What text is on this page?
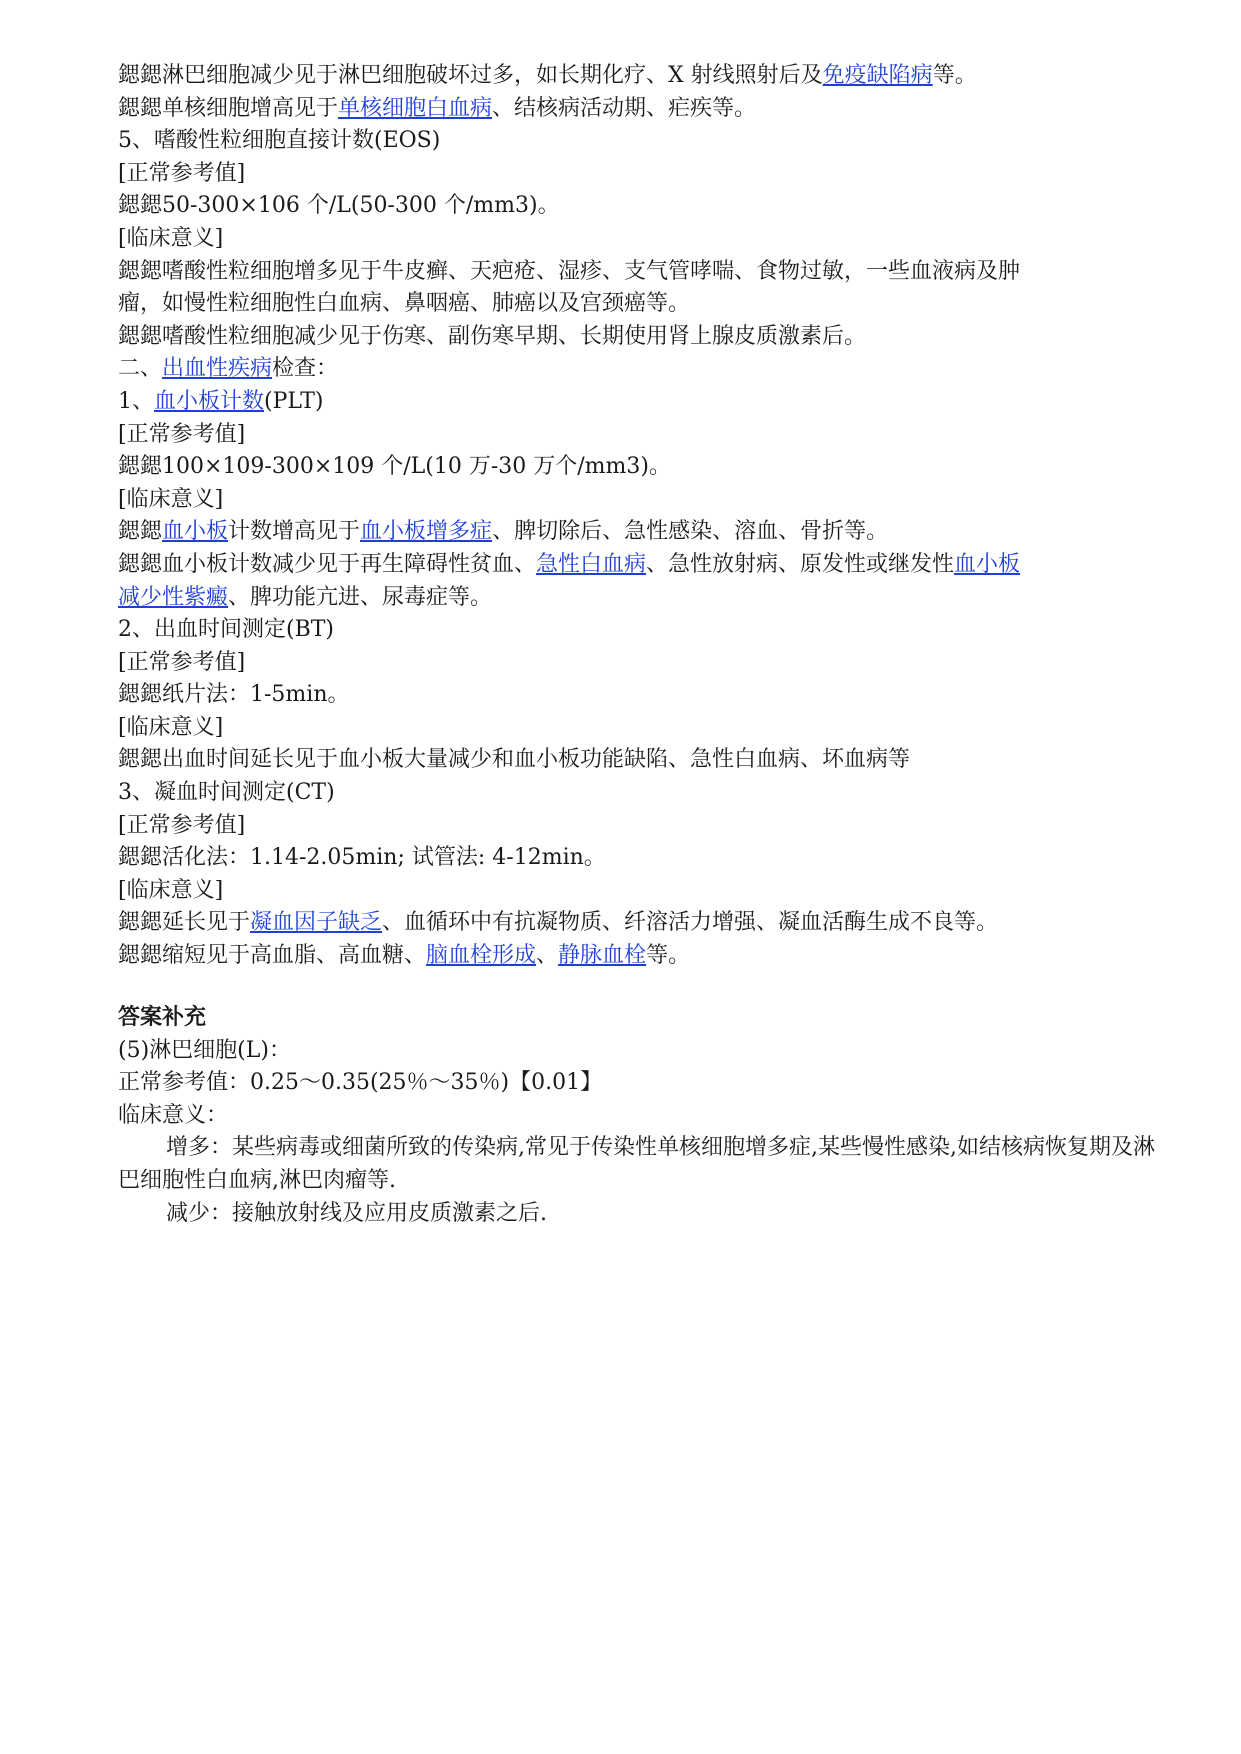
鍶鍶淋巴细胞减少见于淋巴细胞破坏过多，如长期化疗、X 射线照射后及免疫缺陷病等。
鍶鍶单核细胞增高见于单核细胞白血病、结核病活动期、疟疾等。
5、嗜酸性粒细胞直接计数(EOS)
[正常参考值]
鍶鍶50-300×106 个/L(50-300 个/mm3)。
[临床意义]
鍶鍶嗜酸性粒细胞增多见于牛皮癣、天疤疮、湿疹、支气管哮喘、食物过敏，一些血液病及肿
瘤，如慢性粒细胞性白血病、鼻咽癌、肺癌以及宫颈癌等。
鍶鍶嗜酸性粒细胞减少见于伤寒、副伤寒早期、长期使用肾上腺皮质激素后。
二、出血性疾病检查：
1、血小板计数(PLT)
[正常参考值]
鍶鍶100×109-300×109 个/L(10 万-30 万个/mm3)。
[临床意义]
鍶鍶血小板计数增高见于血小板增多症、脾切除后、急性感染、溶血、骨折等。
鍶鍶血小板计数减少见于再生障碍性贫血、急性白血病、急性放射病、原发性或继发性血小板
减少性紫癜、脾功能亢进、尿毒症等。
2、出血时间测定(BT)
[正常参考值]
鍶鍶纸片法：1-5min。
[临床意义]
鍶鍶出血时间延长见于血小板大量减少和血小板功能缺陷、急性白血病、坏血病等
3、凝血时间测定(CT)
[正常参考值]
鍶鍶活化法：1.14-2.05min; 试管法: 4-12min。
[临床意义]
鍶鍶延长见于凝血因子缺乏、血循环中有抗凝物质、纤溶活力增强、凝血活酶生成不良等。
鍶鍶缩短见于高血脂、高血糖、脑血栓形成、静脉血栓等。
答案补充
(5)淋巴细胞(L)：
正常参考值：0.25～0.35(25％～35％)【0.01】
临床意义：
增多：某些病毒或细菌所致的传染病,常见于传染性单核细胞增多症,某些慢性感染,如结核病恢复期及淋巴细胞性白血病,淋巴肉瘤等.
减少：接触放射线及应用皮质激素之后.
